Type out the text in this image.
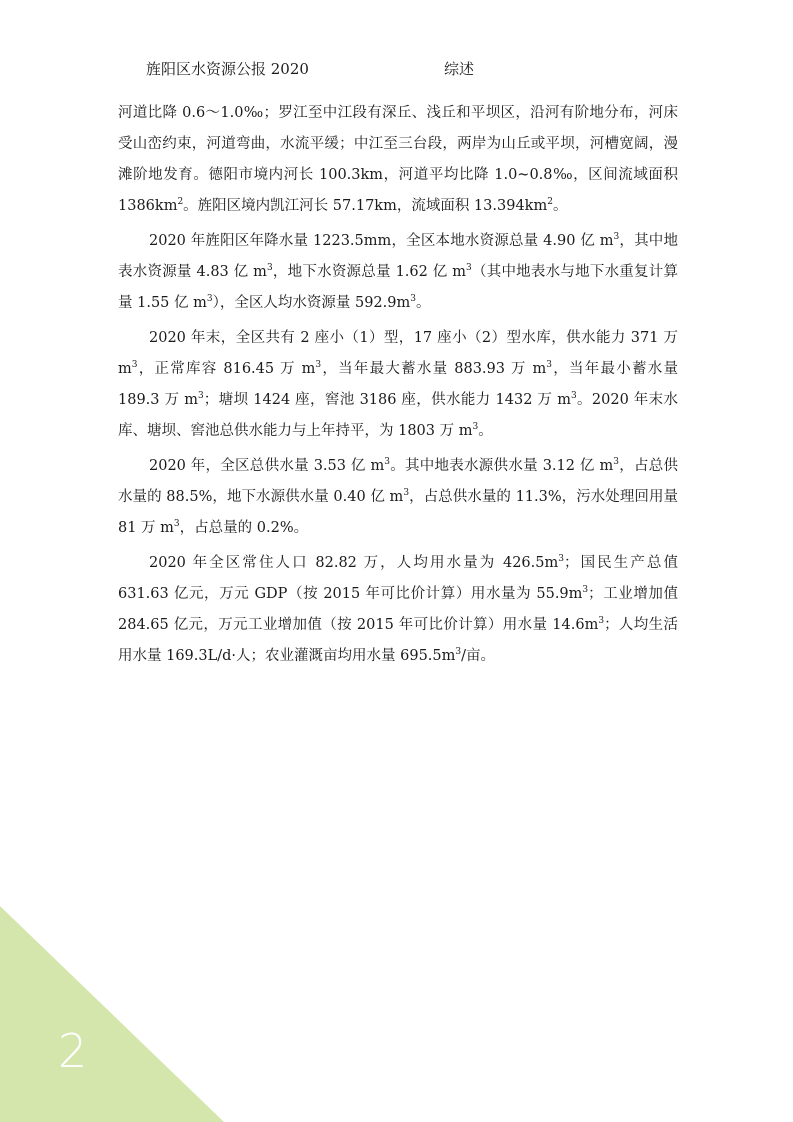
旌阳区水资源公报 2020	综述

河道比降 0.6～1.0‰；罗江至中江段有深丘、浅丘和平坝区，沿河有阶地分布，河床受山峦约束，河道弯曲，水流平缓；中江至三台段，两岸为山丘或平坝，河槽宽阔，漫滩阶地发育。德阳市境内河长 100.3km，河道平均比降 1.0~0.8‰，区间流域面积 $1386km^2$。旌阳区境内凯江河长 57.17km，流域面积 $13.394km^2$。

2020 年旌阳区年降水量 1223.5mm，全区本地水资源总量 4.90 亿 $m^3$，其中地表水资源量 4.83 亿 $m^3$，地下水资源总量 1.62 亿 $m^3$（其中地表水与地下水重复计算量 1.55 亿 $m^3$），全区人均水资源量 $592.9m^3$。

2020 年末，全区共有 2 座小（1）型，17 座小（2）型水库，供水能力 371 万 $m^3$，正常库容 816.45 万 $m^3$，当年最大蓄水量 883.93 万 $m^3$，当年最小蓄水量 189.3 万 $m^3$；塘坝 1424 座，窖池 3186 座，供水能力 1432 万 $m^3$。2020 年末水库、塘坝、窖池总供水能力与上年持平，为 1803 万 $m^3$。

2020 年，全区总供水量 3.53 亿 $m^3$。其中地表水源供水量 3.12 亿 $m^3$，占总供水量的 88.5%，地下水源供水量 0.40 亿 $m^3$，占总供水量的 11.3%，污水处理回用量 81 万 $m^3$，占总量的 0.2%。

2020 年全区常住人口 82.82 万，人均用水量为 $426.5m^3$；国民生产总值 631.63 亿元，万元 GDP（按 2015 年可比价计算）用水量为 $55.9m^3$；工业增加值 284.65 亿元，万元工业增加值（按 2015 年可比价计算）用水量 $14.6m^3$；人均生活用水量 169.3L/d·人；农业灌溉亩均用水量 $695.5m^3/$亩。

2
